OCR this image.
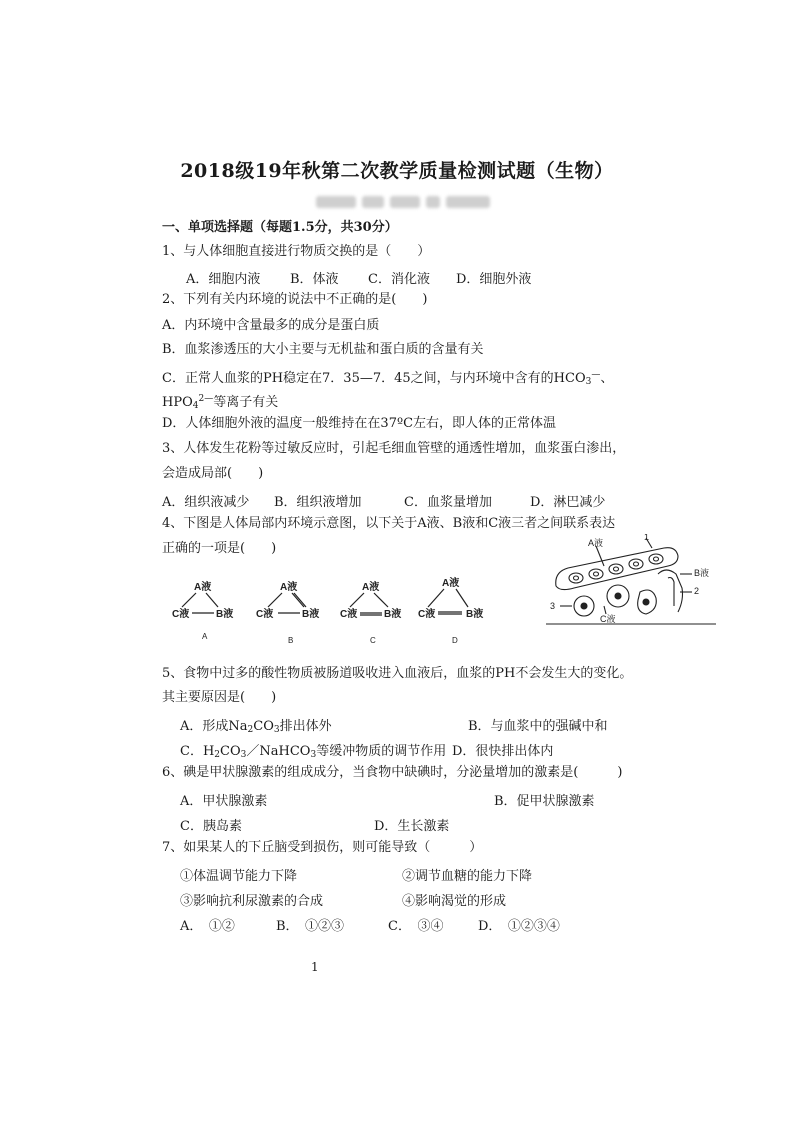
2018级19年秋第二次教学质量检测试题（生物）
一、单项选择题（每题1.5分，共30分）
1、与人体细胞直接进行物质交换的是（　　）
A．细胞内液 B．体液 C．消化液 D．细胞外液
2、下列有关内环境的说法中不正确的是(　　)
A．内环境中含量最多的成分是蛋白质
B．血浆渗透压的大小主要与无机盐和蛋白质的含量有关
C．正常人血浆的PH稳定在7．35—7．45之间，与内环境中含有的$HCO_3^—$、
$HPO_4^{2—}$等离子有关
D．人体细胞外液的温度一般维持在在37ºC左右，即人体的正常体温
3、人体发生花粉等过敏反应时，引起毛细血管壁的通透性增加，血浆蛋白渗出，
会造成局部(　　)
A．组织液减少 B．组织液增加	C．血浆量增加	D．淋巴减少
4、下图是人体局部内环境示意图，以下关于A液、B液和C液三者之间联系表达
正确的一项是(　　)
A液
C液	B液
A
A液
C液	B液
B
A液
C液	B液
C
A液
C液	B液
D
1
A液
B液
2
3
C液
5、食物中过多的酸性物质被肠道吸收进入血液后，血浆的PH不会发生大的变化。
其主要原因是(　　)
A．形成$Na_2CO_3$排出体外	B．与血浆中的强碱中和
C．$H_2CO_3/NaHCO_3$等缓冲物质的调节作用 D．很快排出体内
6、碘是甲状腺激素的组成成分，当食物中缺碘时，分泌量增加的激素是(　　　)
A．甲状腺激素	B．促甲状腺激素
C．胰岛素	D．生长激素
7、如果某人的下丘脑受到损伤，则可能导致（　　　）
①体温调节能力下降	②调节血糖的能力下降
③影响抗利尿激素的合成	④影响渴觉的形成
A．　①②	B．　①②③	C．　③④	D．　①②③④
1
